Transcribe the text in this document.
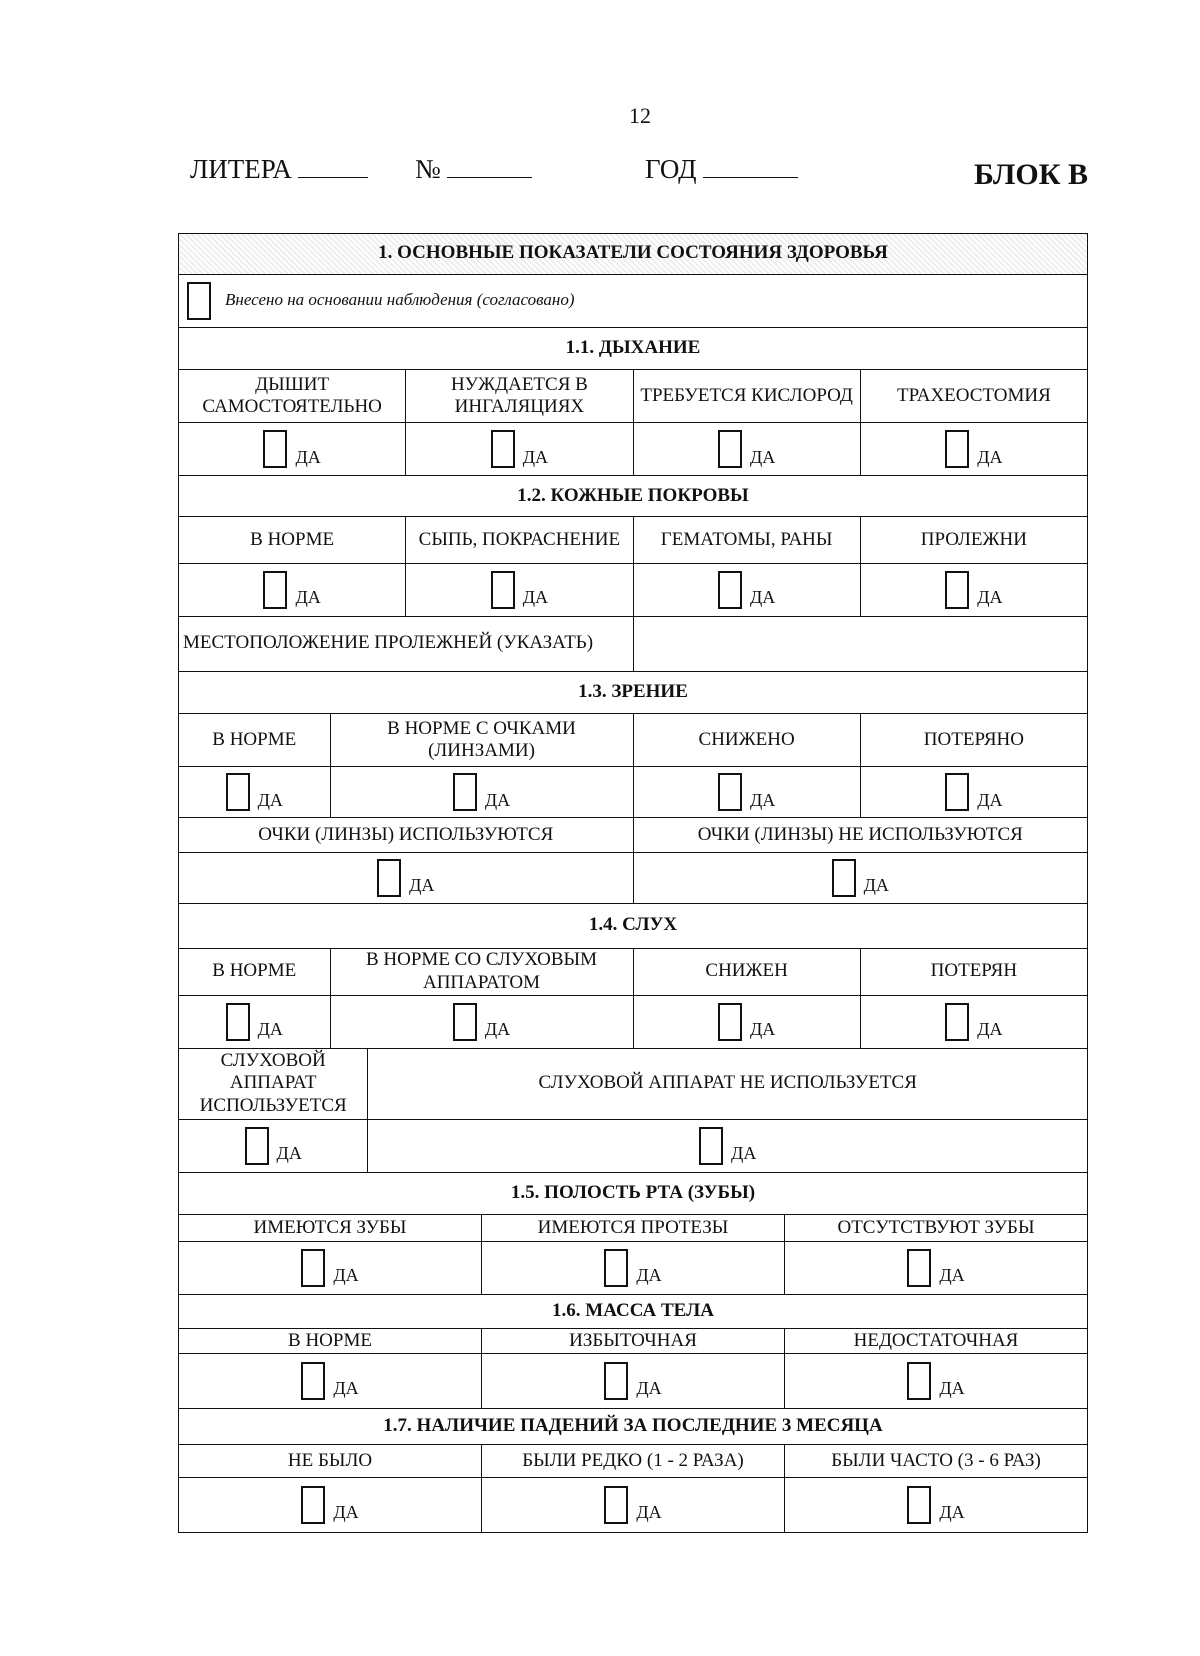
12
ЛИТЕРА	№	ГОД	БЛОК В
1. ОСНОВНЫЕ ПОКАЗАТЕЛИ СОСТОЯНИЯ ЗДОРОВЬЯ							
Внесено на основании наблюдения (согласовано)							
1.1. ДЫХАНИЕ							
ДЫШИТ САМОСТОЯТЕЛЬНО			НУЖДАЕТСЯ В ИНГАЛЯЦИЯХ		ТРЕБУЕТСЯ КИСЛОРОД		ТРАХЕОСТОМИЯ
ДА			ДА		ДА		ДА
1.2. КОЖНЫЕ ПОКРОВЫ							
В НОРМЕ			СЫПЬ, ПОКРАСНЕНИЕ		ГЕМАТОМЫ, РАНЫ		ПРОЛЕЖНИ
ДА			ДА		ДА		ДА
МЕСТОПОЛОЖЕНИЕ ПРОЛЕЖНЕЙ (УКАЗАТЬ)							
1.3. ЗРЕНИЕ							
В НОРМЕ	В НОРМЕ С ОЧКАМИ (ЛИНЗАМИ)				СНИЖЕНО		ПОТЕРЯНО
ДА	ДА				ДА		ДА
ОЧКИ (ЛИНЗЫ) ИСПОЛЬЗУЮТСЯ					ОЧКИ (ЛИНЗЫ) НЕ ИСПОЛЬЗУЮТСЯ		
ДА					ДА		
1.4. СЛУХ							
В НОРМЕ	В НОРМЕ СО СЛУХОВЫМ АППАРАТОМ				СНИЖЕН		ПОТЕРЯН
ДА	ДА				ДА		ДА
СЛУХОВОЙ АППАРАТ ИСПОЛЬЗУЕТСЯ		СЛУХОВОЙ АППАРАТ НЕ ИСПОЛЬЗУЕТСЯ					
ДА		ДА					
1.5. ПОЛОСТЬ РТА (ЗУБЫ)							
ИМЕЮТСЯ ЗУБЫ				ИМЕЮТСЯ ПРОТЕЗЫ		ОТСУТСТВУЮТ ЗУБЫ	
ДА				ДА		ДА	
1.6. МАССА ТЕЛА							
В НОРМЕ				ИЗБЫТОЧНАЯ		НЕДОСТАТОЧНАЯ	
ДА				ДА		ДА	
1.7. НАЛИЧИЕ ПАДЕНИЙ ЗА ПОСЛЕДНИЕ 3 МЕСЯЦА							
НЕ БЫЛО				БЫЛИ РЕДКО (1 - 2 РАЗА)		БЫЛИ ЧАСТО (3 - 6 РАЗ)	
ДА				ДА		ДА	
